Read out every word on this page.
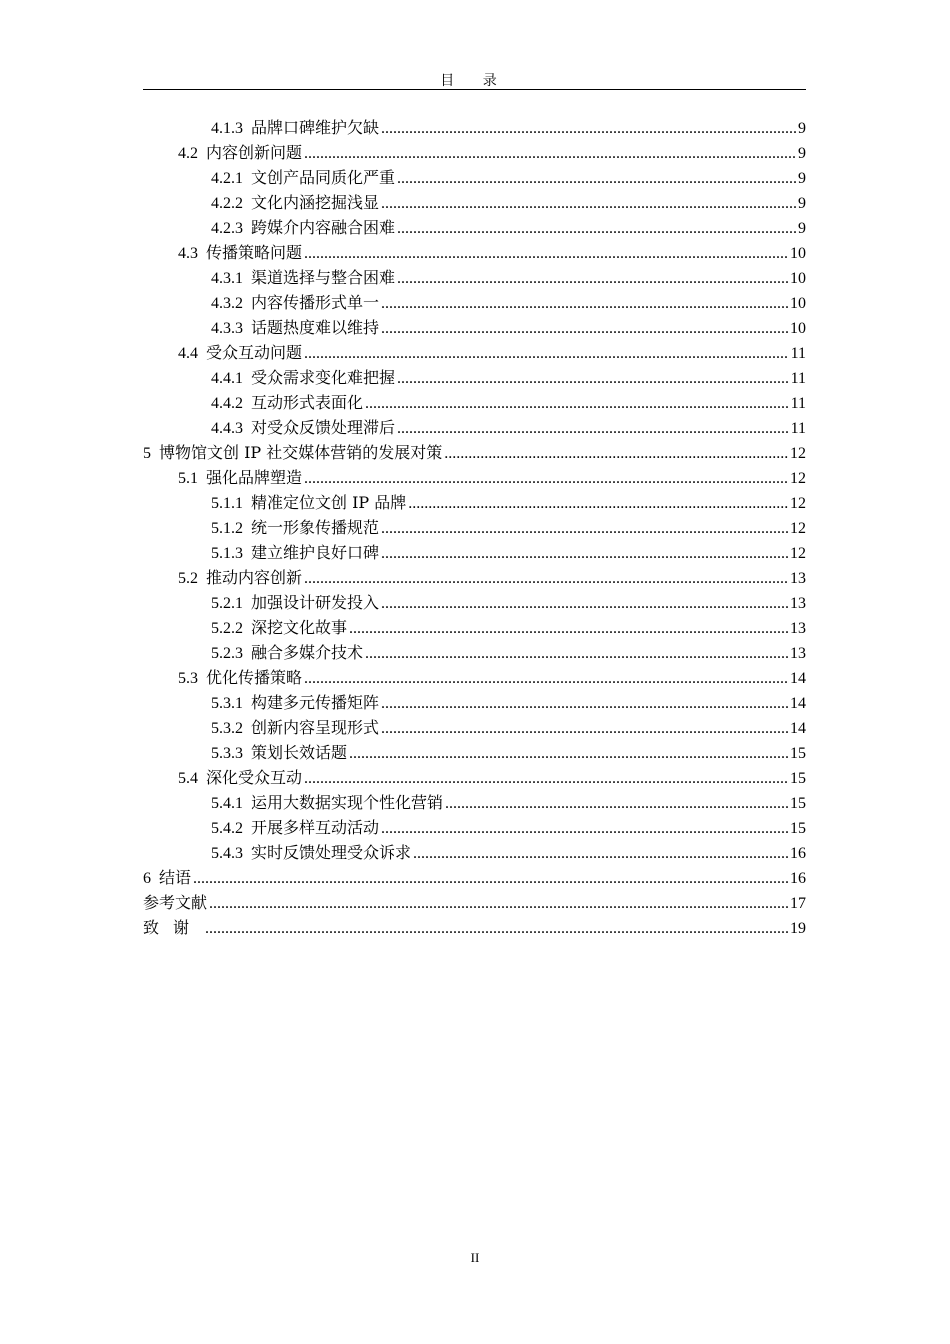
目 录
4.1.3 品牌口碑维护欠缺 .....	9
4.2 内容创新问题 .....	9
4.2.1 文创产品同质化严重 .....	9
4.2.2 文化内涵挖掘浅显 .....	9
4.2.3 跨媒介内容融合困难 .....	9
4.3 传播策略问题 .....	10
4.3.1 渠道选择与整合困难 .....	10
4.3.2 内容传播形式单一 .....	10
4.3.3 话题热度难以维持 .....	10
4.4 受众互动问题 .....	11
4.4.1 受众需求变化难把握 .....	11
4.4.2 互动形式表面化 .....	11
4.4.3 对受众反馈处理滞后 .....	11
5 博物馆文创 IP 社交媒体营销的发展对策 .....	12
5.1 强化品牌塑造 .....	12
5.1.1 精准定位文创 IP 品牌 .....	12
5.1.2 统一形象传播规范 .....	12
5.1.3 建立维护良好口碑 .....	12
5.2 推动内容创新 .....	13
5.2.1 加强设计研发投入 .....	13
5.2.2 深挖文化故事 .....	13
5.2.3 融合多媒介技术 .....	13
5.3 优化传播策略 .....	14
5.3.1 构建多元传播矩阵 .....	14
5.3.2 创新内容呈现形式 .....	14
5.3.3 策划长效话题 .....	15
5.4 深化受众互动 .....	15
5.4.1 运用大数据实现个性化营销 .....	15
5.4.2 开展多样互动活动 .....	15
5.4.3 实时反馈处理受众诉求 .....	16
6 结语 .....	16
参考文献 .....	17
致谢 .....	19
II
